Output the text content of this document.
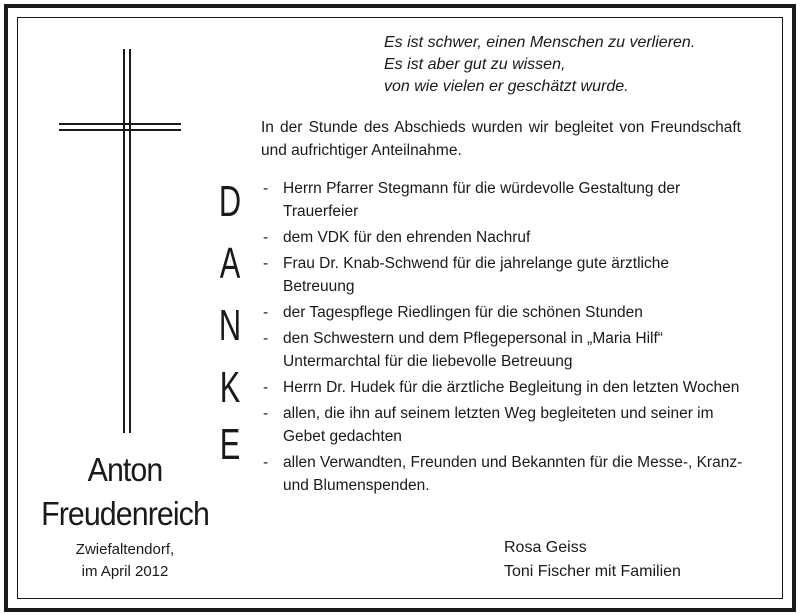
Es ist schwer, einen Menschen zu verlieren.
Es ist aber gut zu wissen,
von wie vielen er geschätzt wurde.
Anton
Freudenreich
Zwiefaltendorf,
im April 2012
D
A
N
K
E
In der Stunde des Abschieds wurden wir begleitet von Freundschaft und aufrichtiger Anteilnahme.
- Herrn Pfarrer Stegmann für die würdevolle Gestaltung der Trauerfeier
- dem VDK für den ehrenden Nachruf
- Frau Dr. Knab-Schwend für die jahrelange gute ärztliche Betreuung
- der Tagespflege Riedlingen für die schönen Stunden
- den Schwestern und dem Pflegepersonal in „Maria Hilf“ Untermarchtal für die liebevolle Betreuung
- Herrn Dr. Hudek für die ärztliche Begleitung in den letzten Wochen
- allen, die ihn auf seinem letzten Weg begleiteten und seiner im Gebet gedachten
- allen Verwandten, Freunden und Bekannten für die Messe-, Kranz- und Blumenspenden.
Rosa Geiss
Toni Fischer mit Familien
